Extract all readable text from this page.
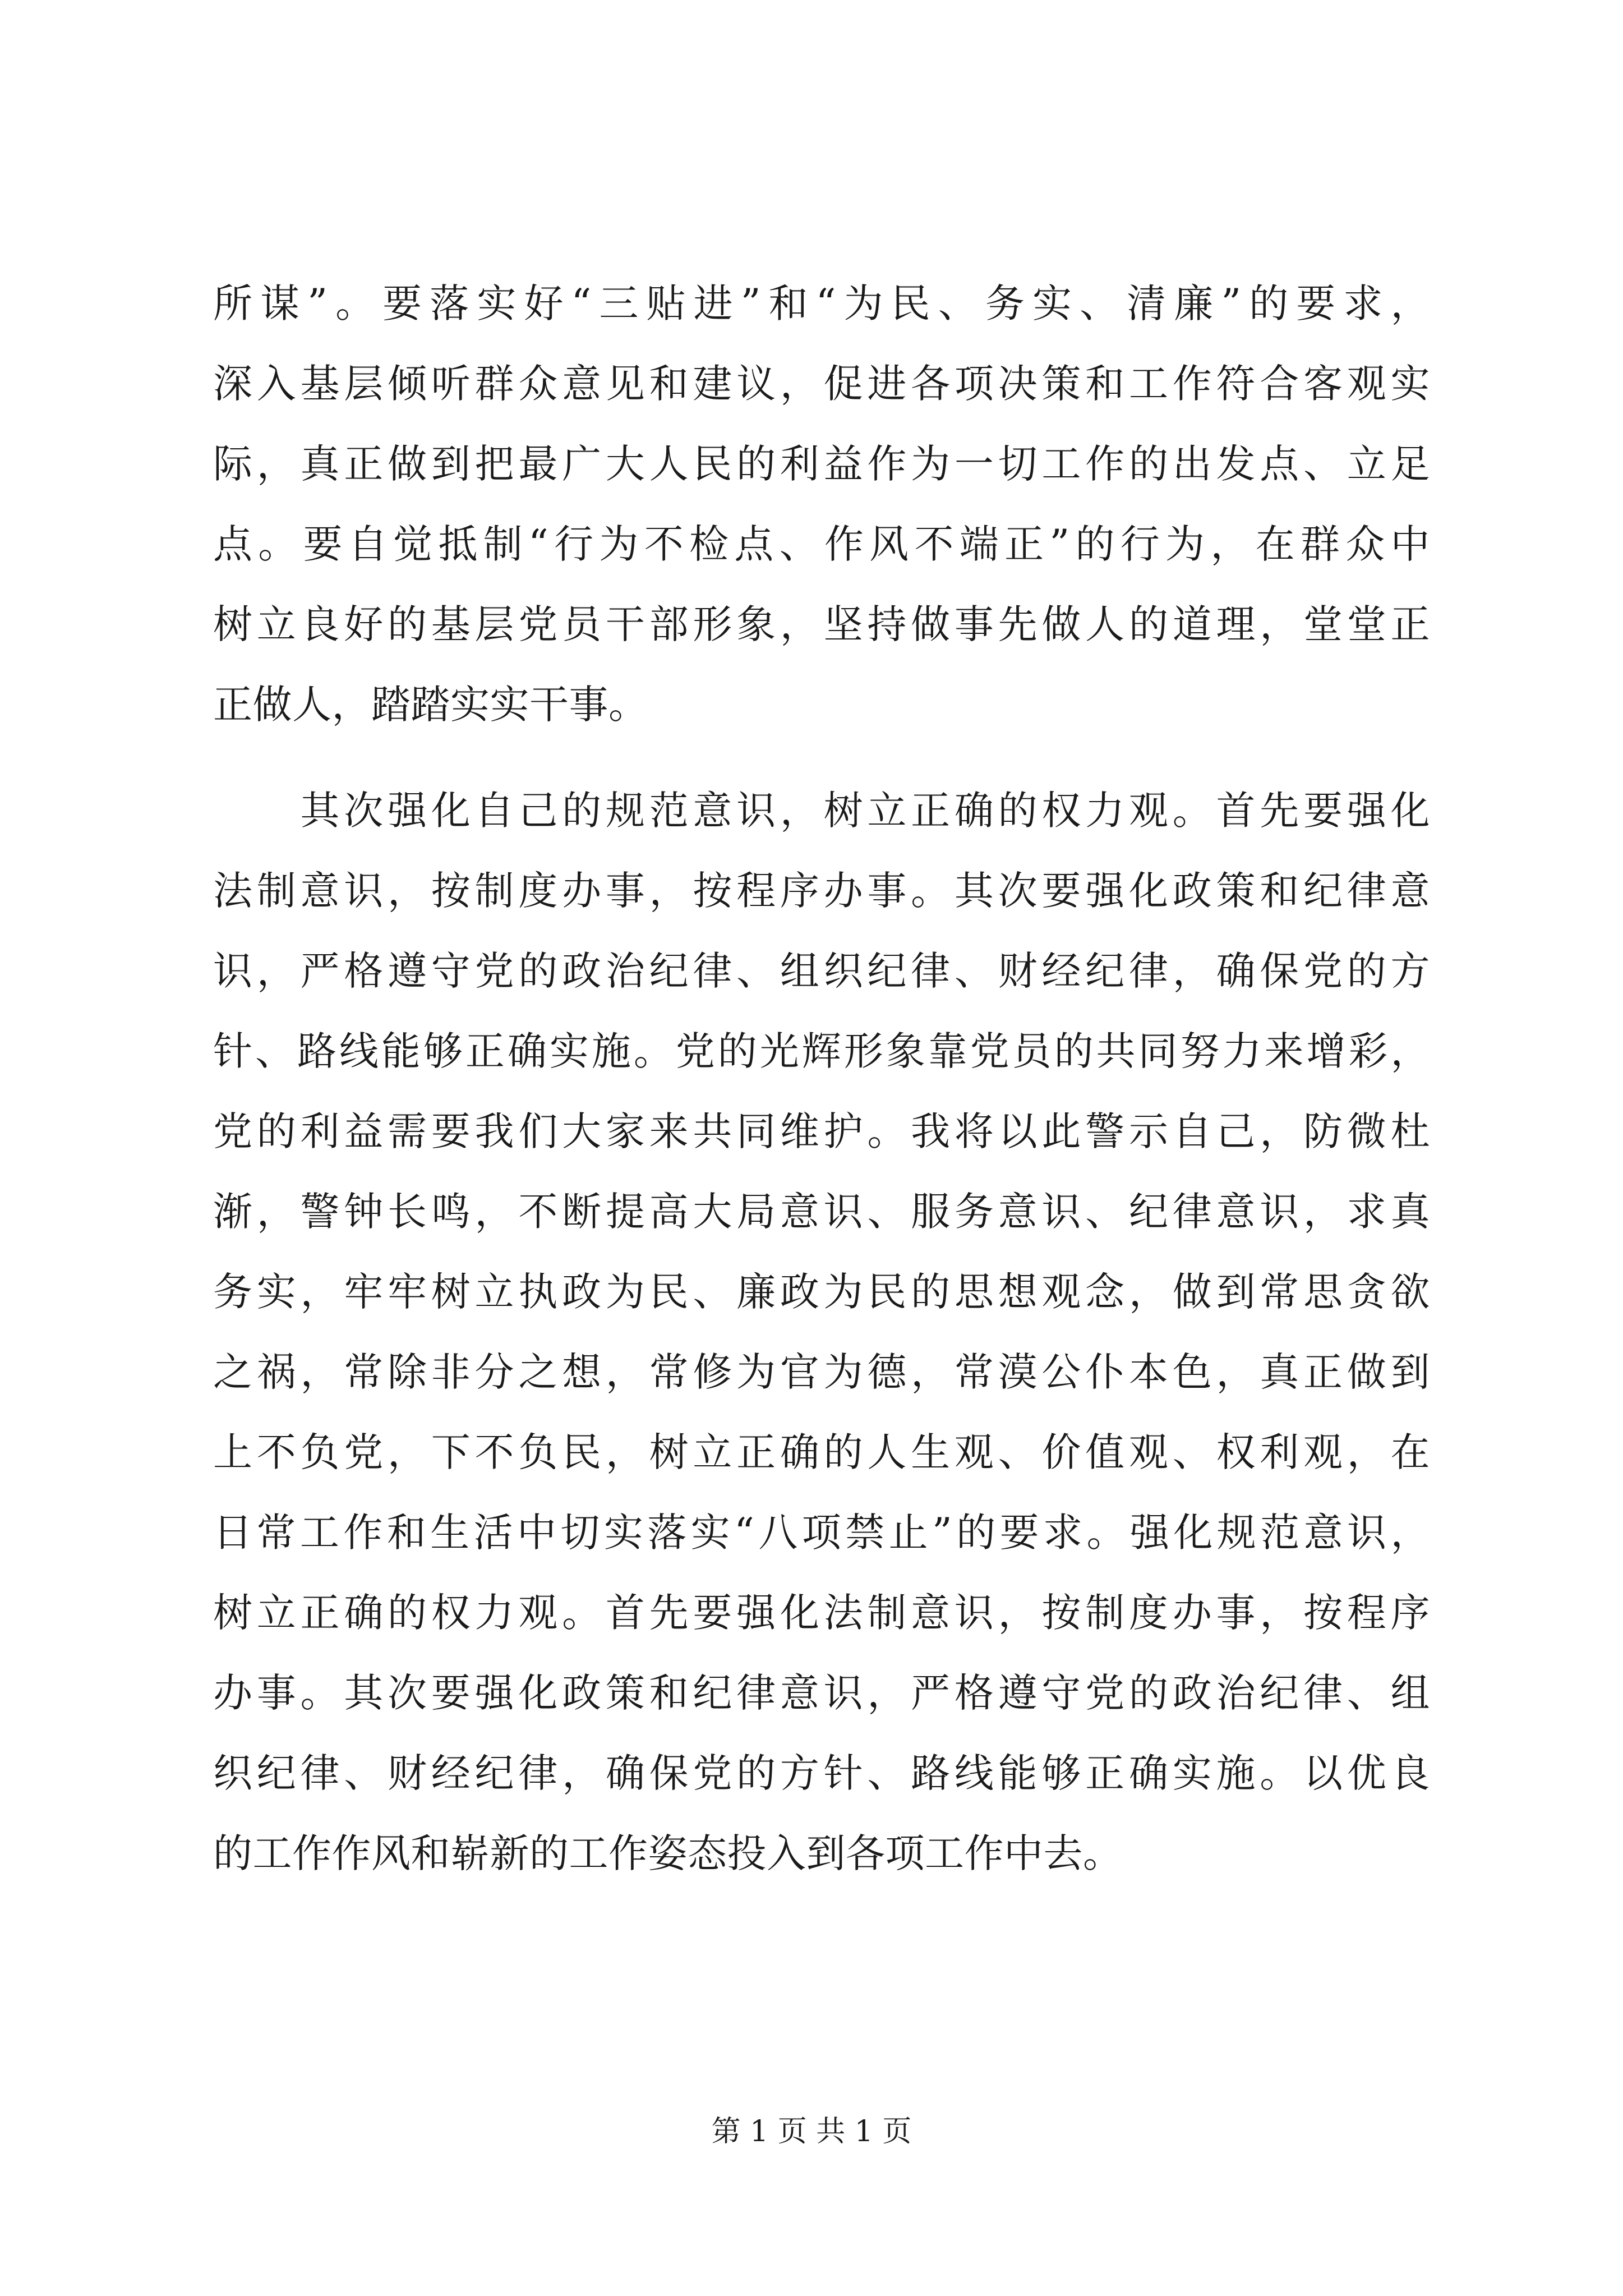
所谋”。要落实好“三贴进”和“为民、务实、清廉”的要求，
深入基层倾听群众意见和建议，促进各项决策和工作符合客观实
际，真正做到把最广大人民的利益作为一切工作的出发点、立足
点。要自觉抵制“行为不检点、作风不端正”的行为，在群众中
树立良好的基层党员干部形象，坚持做事先做人的道理，堂堂正
正做人，踏踏实实干事。
　　其次强化自己的规范意识，树立正确的权力观。首先要强化
法制意识，按制度办事，按程序办事。其次要强化政策和纪律意
识，严格遵守党的政治纪律、组织纪律、财经纪律，确保党的方
针、路线能够正确实施。党的光辉形象靠党员的共同努力来增彩，
党的利益需要我们大家来共同维护。我将以此警示自己，防微杜
渐，警钟长鸣，不断提高大局意识、服务意识、纪律意识，求真
务实，牢牢树立执政为民、廉政为民的思想观念，做到常思贪欲
之祸，常除非分之想，常修为官为德，常漠公仆本色，真正做到
上不负党，下不负民，树立正确的人生观、价值观、权利观，在
日常工作和生活中切实落实“八项禁止”的要求。强化规范意识，
树立正确的权力观。首先要强化法制意识，按制度办事，按程序
办事。其次要强化政策和纪律意识，严格遵守党的政治纪律、组
织纪律、财经纪律，确保党的方针、路线能够正确实施。以优良
的工作作风和崭新的工作姿态投入到各项工作中去。
第 1 页 共 1 页
